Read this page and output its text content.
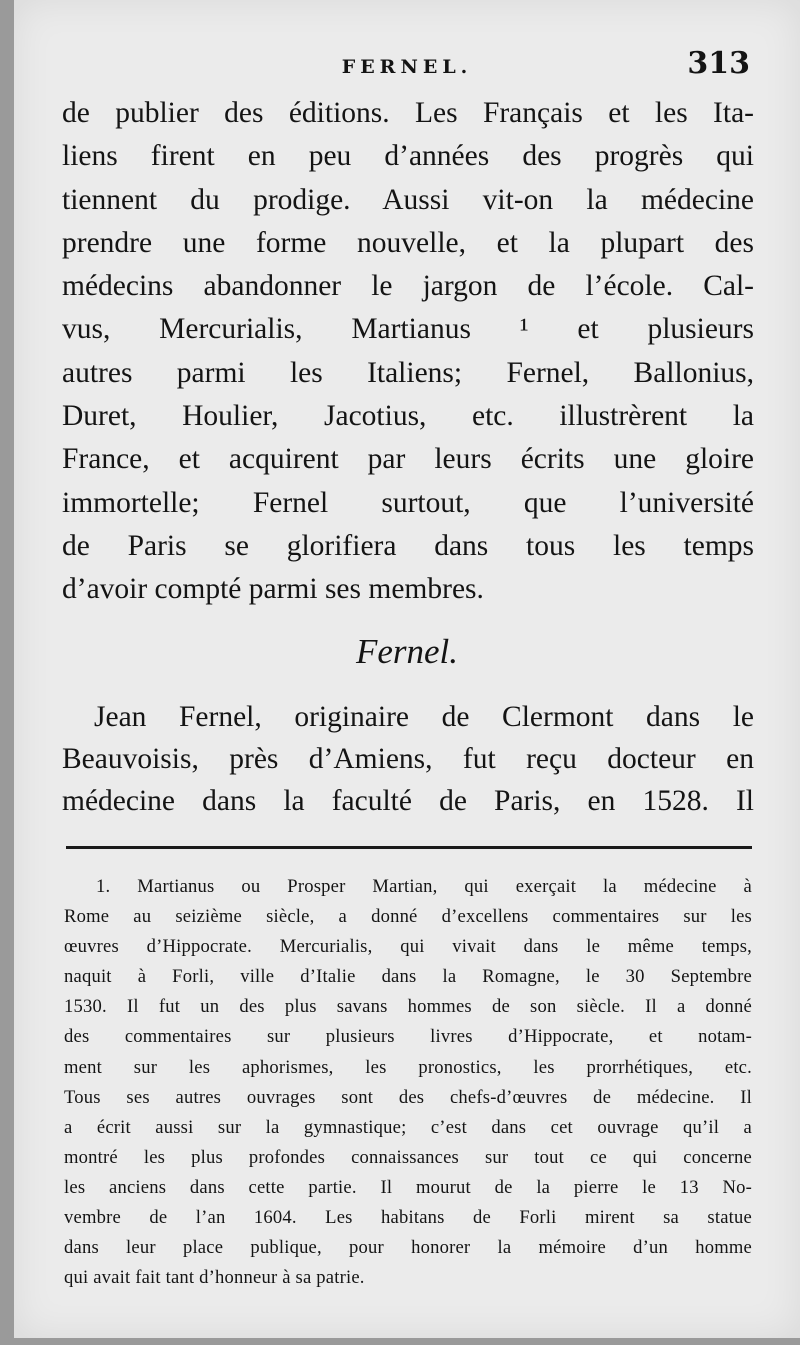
FERNEL.	313
de publier des éditions. Les Français et les Ita-
liens firent en peu d’années des progrès qui
tiennent du prodige. Aussi vit-on la médecine
prendre une forme nouvelle, et la plupart des
médecins abandonner le jargon de l’école. Cal-
vus, Mercurialis, Martianus ¹ et plusieurs
autres parmi les Italiens; Fernel, Ballonius,
Duret, Houlier, Jacotius, etc. illustrèrent la
France, et acquirent par leurs écrits une gloire
immortelle; Fernel surtout, que l’université
de Paris se glorifiera dans tous les temps
d’avoir compté parmi ses membres.
Fernel.
Jean Fernel, originaire de Clermont dans le
Beauvoisis, près d’Amiens, fut reçu docteur en
médecine dans la faculté de Paris, en 1528. Il
1. Martianus ou Prosper Martian, qui exerçait la médecine à
Rome au seizième siècle, a donné d’excellens commentaires sur les
œuvres d’Hippocrate. Mercurialis, qui vivait dans le même temps,
naquit à Forli, ville d’Italie dans la Romagne, le 30 Septembre
1530. Il fut un des plus savans hommes de son siècle. Il a donné
des commentaires sur plusieurs livres d’Hippocrate, et notam-
ment sur les aphorismes, les pronostics, les prorrhétiques, etc.
Tous ses autres ouvrages sont des chefs-d’œuvres de médecine. Il
a écrit aussi sur la gymnastique; c’est dans cet ouvrage qu’il a
montré les plus profondes connaissances sur tout ce qui concerne
les anciens dans cette partie. Il mourut de la pierre le 13 No-
vembre de l’an 1604. Les habitans de Forli mirent sa statue
dans leur place publique, pour honorer la mémoire d’un homme
qui avait fait tant d’honneur à sa patrie.
